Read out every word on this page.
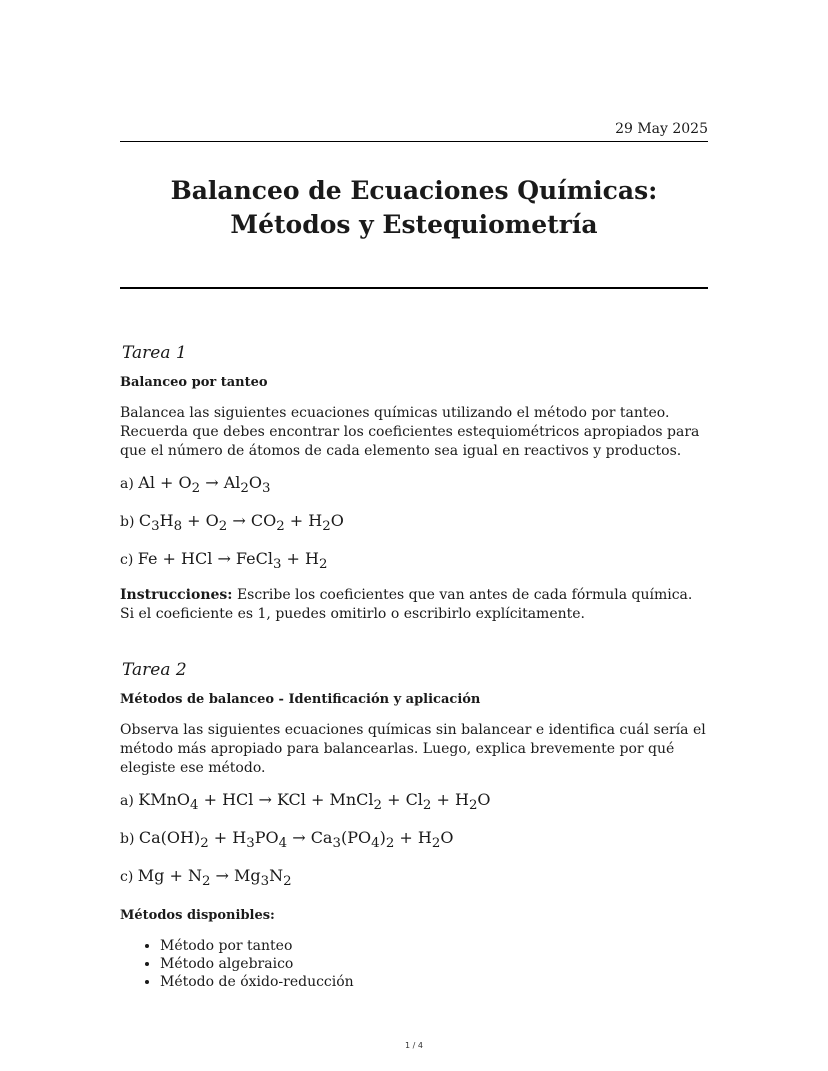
29 May 2025
Balanceo de Ecuaciones Químicas: Métodos y Estequiometría
Tarea 1

Balanceo por tanteo

Balancea las siguientes ecuaciones químicas utilizando el método por tanteo. Recuerda que debes encontrar los coeficientes estequiométricos apropiados para que el número de átomos de cada elemento sea igual en reactivos y productos.

a) $Al + O_2 \to Al_2O_3$

b) $C_3H_8 + O_2 \to CO_2 + H_2O$

c) Fe + HCl → FeCl$_3$ + $H_2$

Instrucciones: Escribe los coeficientes que van antes de cada fórmula química. Si el coeficiente es 1, puedes omitirlo o escribirlo explícitamente.

Tarea 2

Métodos de balanceo - Identificación y aplicación

Observa las siguientes ecuaciones químicas sin balancear e identifica cuál sería el método más apropiado para balancearlas. Luego, explica brevemente por qué elegiste ese método.

a) KMnO$_4$ + HCl → KCl + MnCl$_2$ + $Cl_2 + H_2O$

b) $Ca(OH)_2 + H_3PO_4 \to Ca_3(PO_4)_2 + H_2O$

c) $Mg + N_2 \to Mg_3N_2$

Métodos disponibles:

• Método por tanteo
• Método algebraico
• Método de óxido-reducción
1 / 4
